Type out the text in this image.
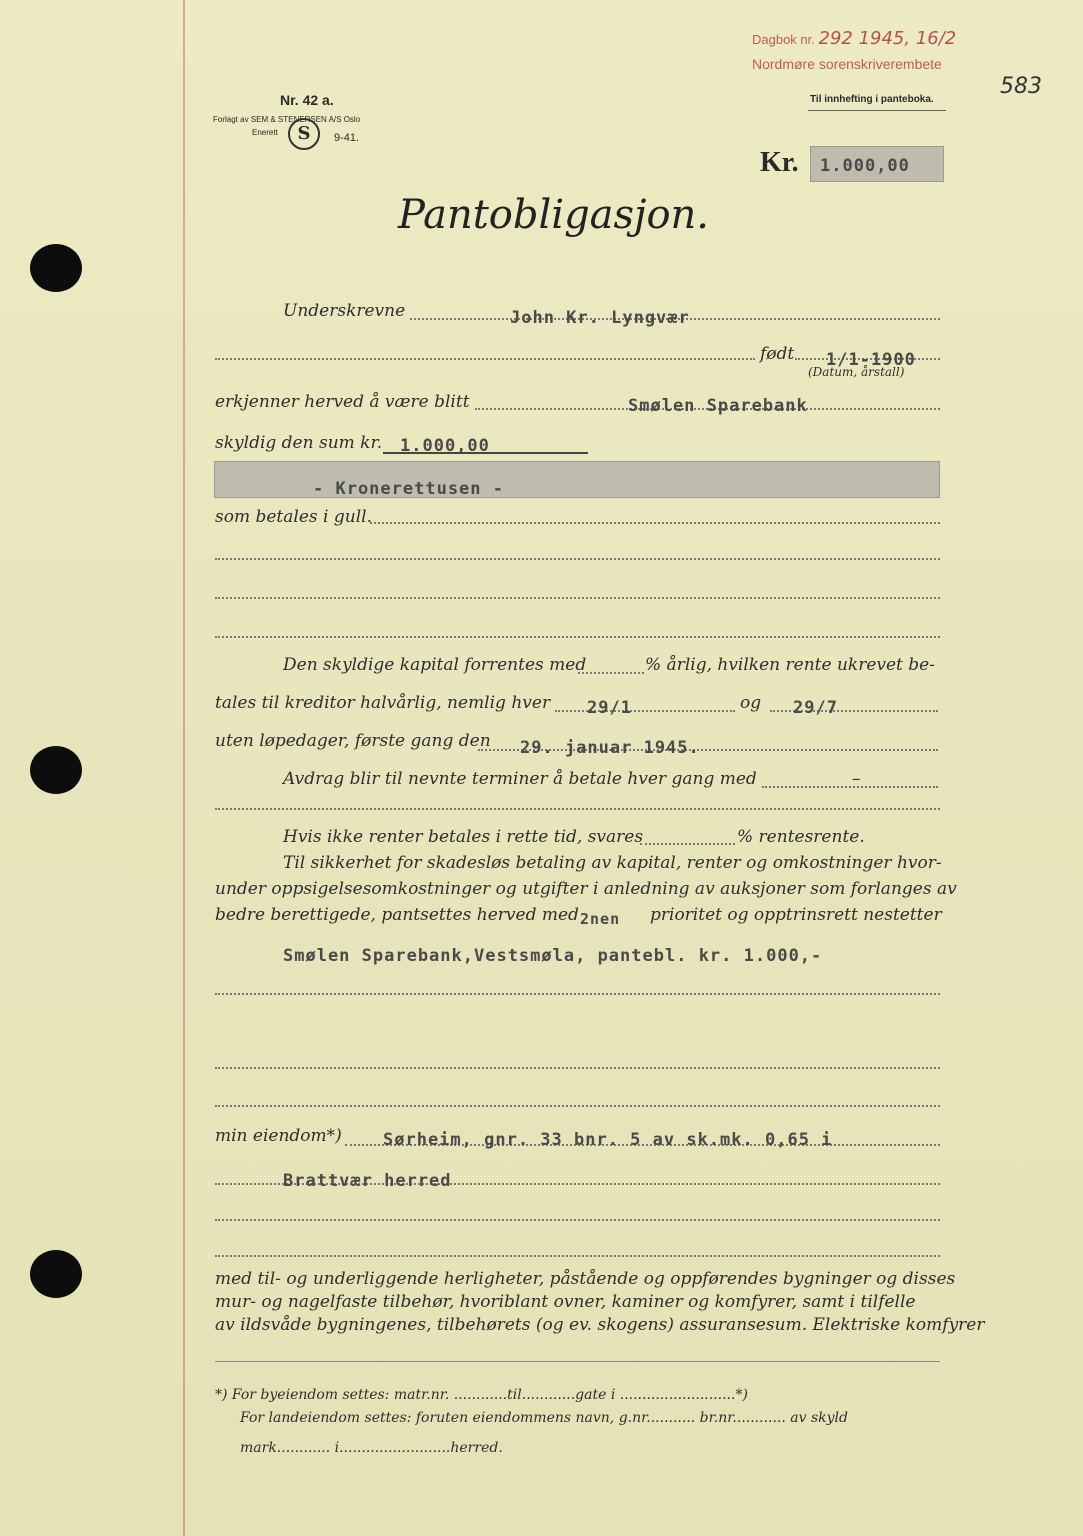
Dagbok nr. 292 1945, 16/2
Nordmøre sorenskriverembete
583
Nr. 42 a.
Forlagt av SEM & STENERSEN A/S Oslo
Enerett	S	9-41.
Til innhefting i panteboka.
Kr. 1.000,00
Pantobligasjon.
Underskrevne	John Kr. Lyngvær
født 1/1-1900
(Datum, årstall)
erkjenner herved å være blitt	Smølen Sparebank
skyldig den sum kr. 1.000,00
- Kronerettusen -
som betales i gull.
Den skyldige kapital forrentes med	% årlig, hvilken rente ukrevet be-
tales til kreditor halvårlig, nemlig hver 29/1	og 29/7
uten løpedager, første gang den 29. januar 1945.
Avdrag blir til nevnte terminer å betale hver gang med	–
Hvis ikke renter betales i rette tid, svares	% rentesrente.
Til sikkerhet for skadesløs betaling av kapital, renter og omkostninger hvor-
under oppsigelsesomkostninger og utgifter i anledning av auksjoner som forlanges av
bedre berettigede, pantsettes herved med 2nen prioritet og opptrinsrett nestetter
Smølen Sparebank,Vestsmøla, pantebl. kr. 1.000,-
min eiendom*) Sørheim, gnr. 33 bnr. 5 av sk.mk. 0,65 i
Brattvær herred
med til- og underliggende herligheter, påstående og oppførendes bygninger og disses
mur- og nagelfaste tilbehør, hvoriblant ovner, kaminer og komfyrer, samt i tilfelle
av ildsvåde bygningenes, tilbehørets (og ev. skogens) assuransesum. Elektriske komfyrer
*) For byeiendom settes: matr.nr. ............til............gate i ..........................*)
For landeiendom settes: foruten eiendommens navn, g.nr........... br.nr............ av skyld
mark............ i.........................herred.
